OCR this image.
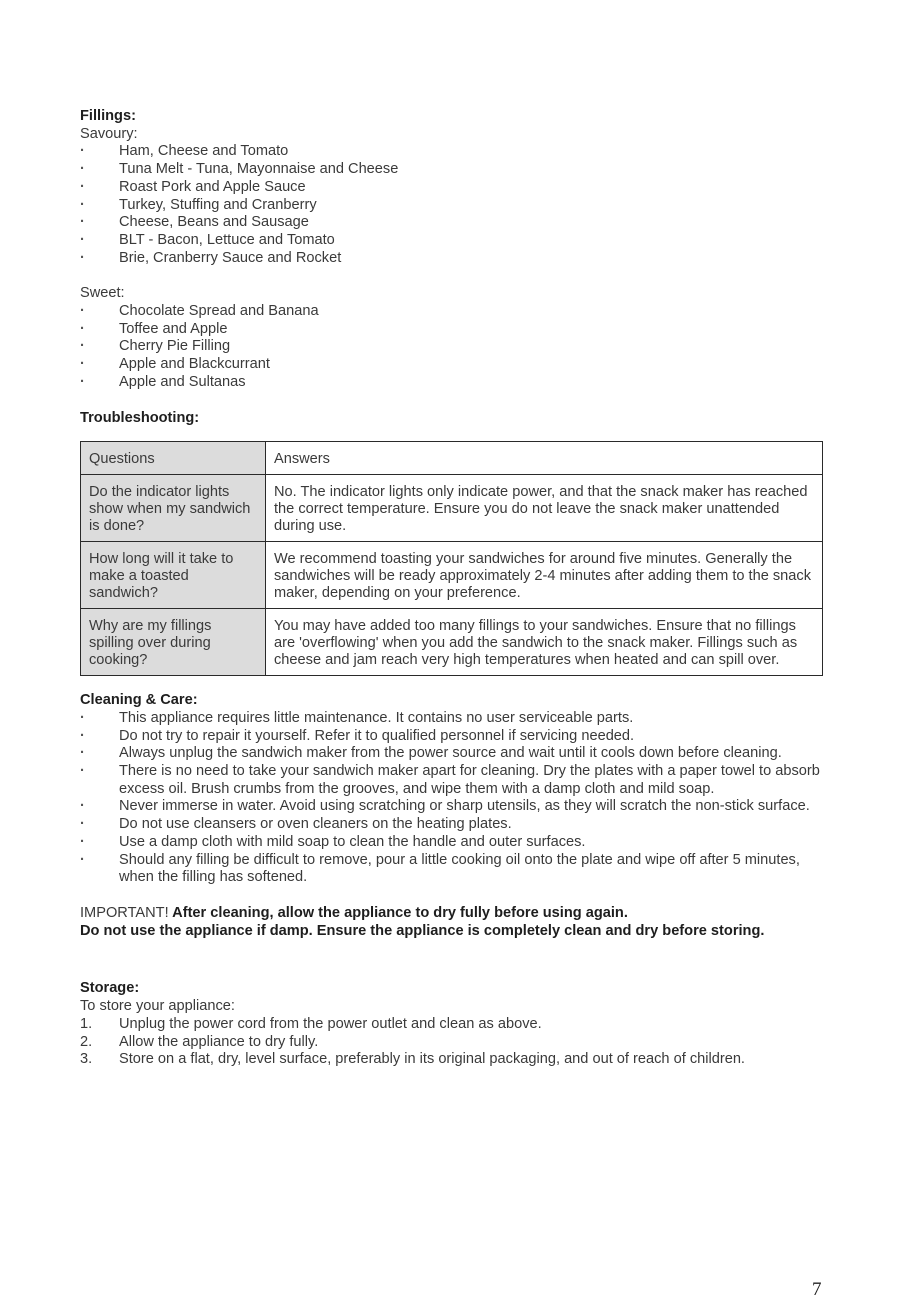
Fillings:
Savoury:
· Ham, Cheese and Tomato
· Tuna Melt - Tuna, Mayonnaise and Cheese
· Roast Pork and Apple Sauce
· Turkey, Stuffing and Cranberry
· Cheese, Beans and Sausage
· BLT - Bacon, Lettuce and Tomato
· Brie, Cranberry Sauce and Rocket
Sweet:
· Chocolate Spread and Banana
· Toffee and Apple
· Cherry Pie Filling
· Apple and Blackcurrant
· Apple and Sultanas
Troubleshooting:
Questions	Answers
Do the indicator lights show when my sandwich is done?	No. The indicator lights only indicate power, and that the snack maker has reached the correct temperature. Ensure you do not leave the snack maker unattended during use.
How long will it take to make a toasted sandwich?	We recommend toasting your sandwiches for around five minutes. Generally the sandwiches will be ready approximately 2-4 minutes after adding them to the snack maker, depending on your preference.
Why are my fillings spilling over during cooking?	You may have added too many fillings to your sandwiches. Ensure that no fillings are 'overflowing' when you add the sandwich to the snack maker. Fillings such as cheese and jam reach very high temperatures when heated and can spill over.
Cleaning & Care:
· This appliance requires little maintenance. It contains no user serviceable parts.
· Do not try to repair it yourself. Refer it to qualified personnel if servicing needed.
· Always unplug the sandwich maker from the power source and wait until it cools down before cleaning.
· There is no need to take your sandwich maker apart for cleaning. Dry the plates with a paper towel to absorb excess oil. Brush crumbs from the grooves, and wipe them with a damp cloth and mild soap.
· Never immerse in water. Avoid using scratching or sharp utensils, as they will scratch the non-stick surface.
· Do not use cleansers or oven cleaners on the heating plates.
· Use a damp cloth with mild soap to clean the handle and outer surfaces.
· Should any filling be difficult to remove, pour a little cooking oil onto the plate and wipe off after 5 minutes, when the filling has softened.
IMPORTANT! After cleaning, allow the appliance to dry fully before using again.
Do not use the appliance if damp. Ensure the appliance is completely clean and dry before storing.
Storage:
To store your appliance:
1. Unplug the power cord from the power outlet and clean as above.
2. Allow the appliance to dry fully.
3. Store on a flat, dry, level surface, preferably in its original packaging, and out of reach of children.
7
